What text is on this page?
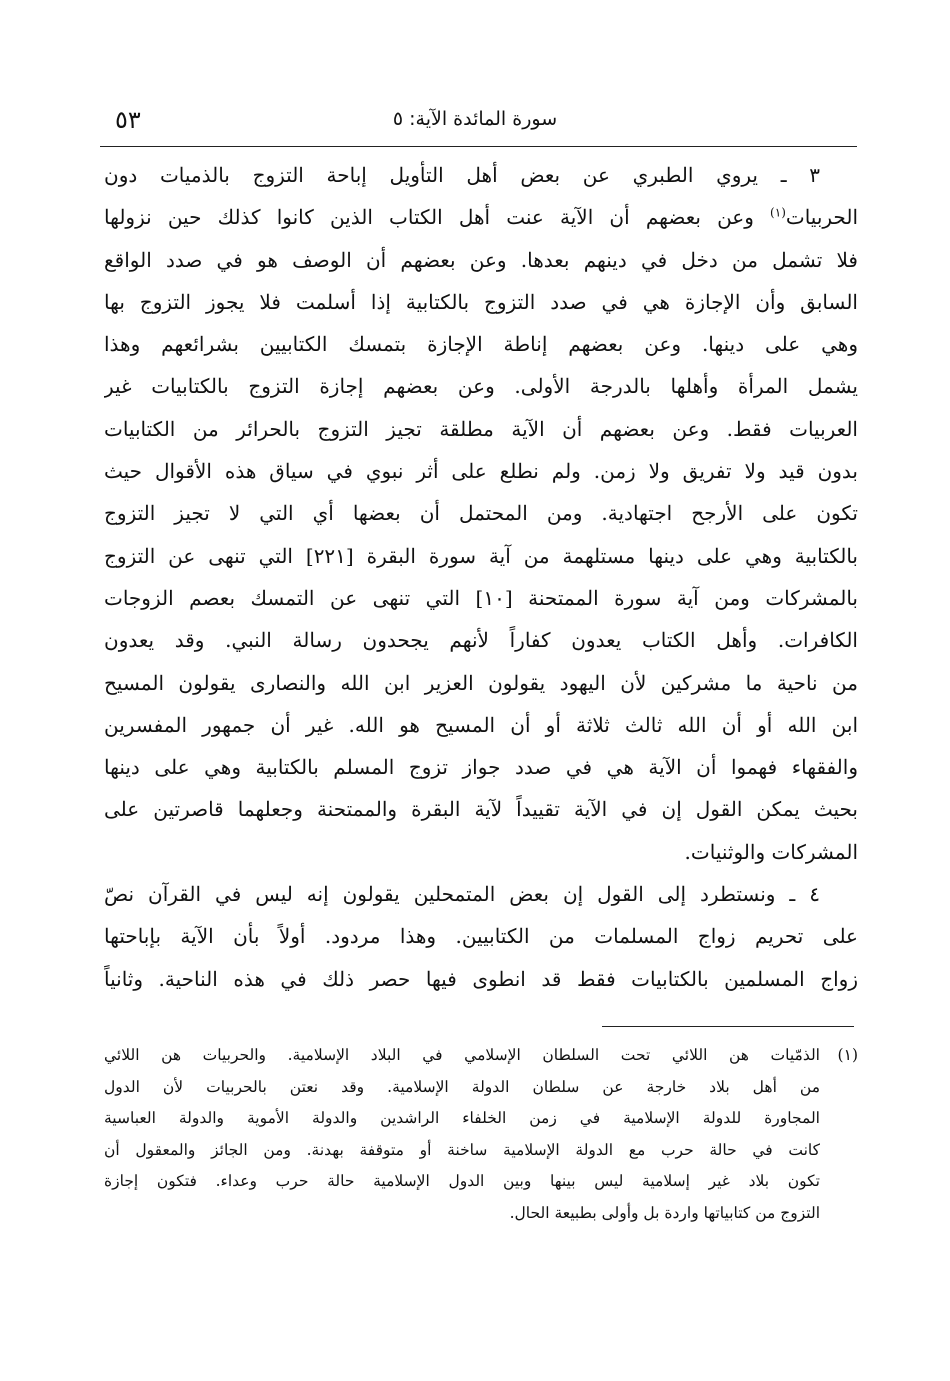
٥٣	سورة المائدة الآية: ٥
٣ ـ يروي الطبري عن بعض أهل التأويل إباحة التزوج بالذميات دون
الحربيات$^{(١)}$ وعن بعضهم أن الآية عنت أهل الكتاب الذين كانوا كذلك حين نزولها
فلا تشمل من دخل في دينهم بعدها. وعن بعضهم أن الوصف هو في صدد الواقع
السابق وأن الإجازة هي في صدد التزوج بالكتابية إذا أسلمت فلا يجوز التزوج بها
وهي على دينها. وعن بعضهم إناطة الإجازة بتمسك الكتابيين بشرائعهم وهذا
يشمل المرأة وأهلها بالدرجة الأولى. وعن بعضهم إجازة التزوج بالكتابيات غير
العربيات فقط. وعن بعضهم أن الآية مطلقة تجيز التزوج بالحرائر من الكتابيات
بدون قيد ولا تفريق ولا زمن. ولم نطلع على أثر نبوي في سياق هذه الأقوال حيث
تكون على الأرجح اجتهادية. ومن المحتمل أن بعضها أي التي لا تجيز التزوج
بالكتابية وهي على دينها مستلهمة من آية سورة البقرة [٢٢١] التي تنهى عن التزوج
بالمشركات ومن آية سورة الممتحنة [١٠] التي تنهى عن التمسك بعصم الزوجات
الكافرات. وأهل الكتاب يعدون كفاراً لأنهم يجحدون رسالة النبي. وقد يعدون
من ناحية ما مشركين لأن اليهود يقولون العزير ابن الله والنصارى يقولون المسيح
ابن الله أو أن الله ثالث ثلاثة أو أن المسيح هو الله. غير أن جمهور المفسرين
والفقهاء فهموا أن الآية هي في صدد جواز تزوج المسلم بالكتابية وهي على دينها
بحيث يمكن القول إن في الآية تقييداً لآية البقرة والممتحنة وجعلهما قاصرتين على
المشركات والوثنيات.
٤ ـ ونستطرد إلى القول إن بعض المتمحلين يقولون إنه ليس في القرآن نصّ
على تحريم زواج المسلمات من الكتابيين. وهذا مردود. أولاً بأن الآية بإباحتها
زواج المسلمين بالكتابيات فقط قد انطوى فيها حصر ذلك في هذه الناحية. وثانياً
(١)
الذمّيات هن اللائي تحت السلطان الإسلامي في البلاد الإسلامية. والحربيات هن اللائي
من أهل بلاد خارجة عن سلطان الدولة الإسلامية. وقد نعتن بالحربيات لأن الدول
المجاورة للدولة الإسلامية في زمن الخلفاء الراشدين والدولة الأموية والدولة العباسية
كانت في حالة حرب مع الدولة الإسلامية ساخنة أو متوقفة بهدنة. ومن الجائز والمعقول أن
تكون بلاد غير إسلامية ليس بينها وبين الدول الإسلامية حالة حرب وعداء. فتكون إجازة
التزوج من كتابياتها واردة بل وأولى بطبيعة الحال.
